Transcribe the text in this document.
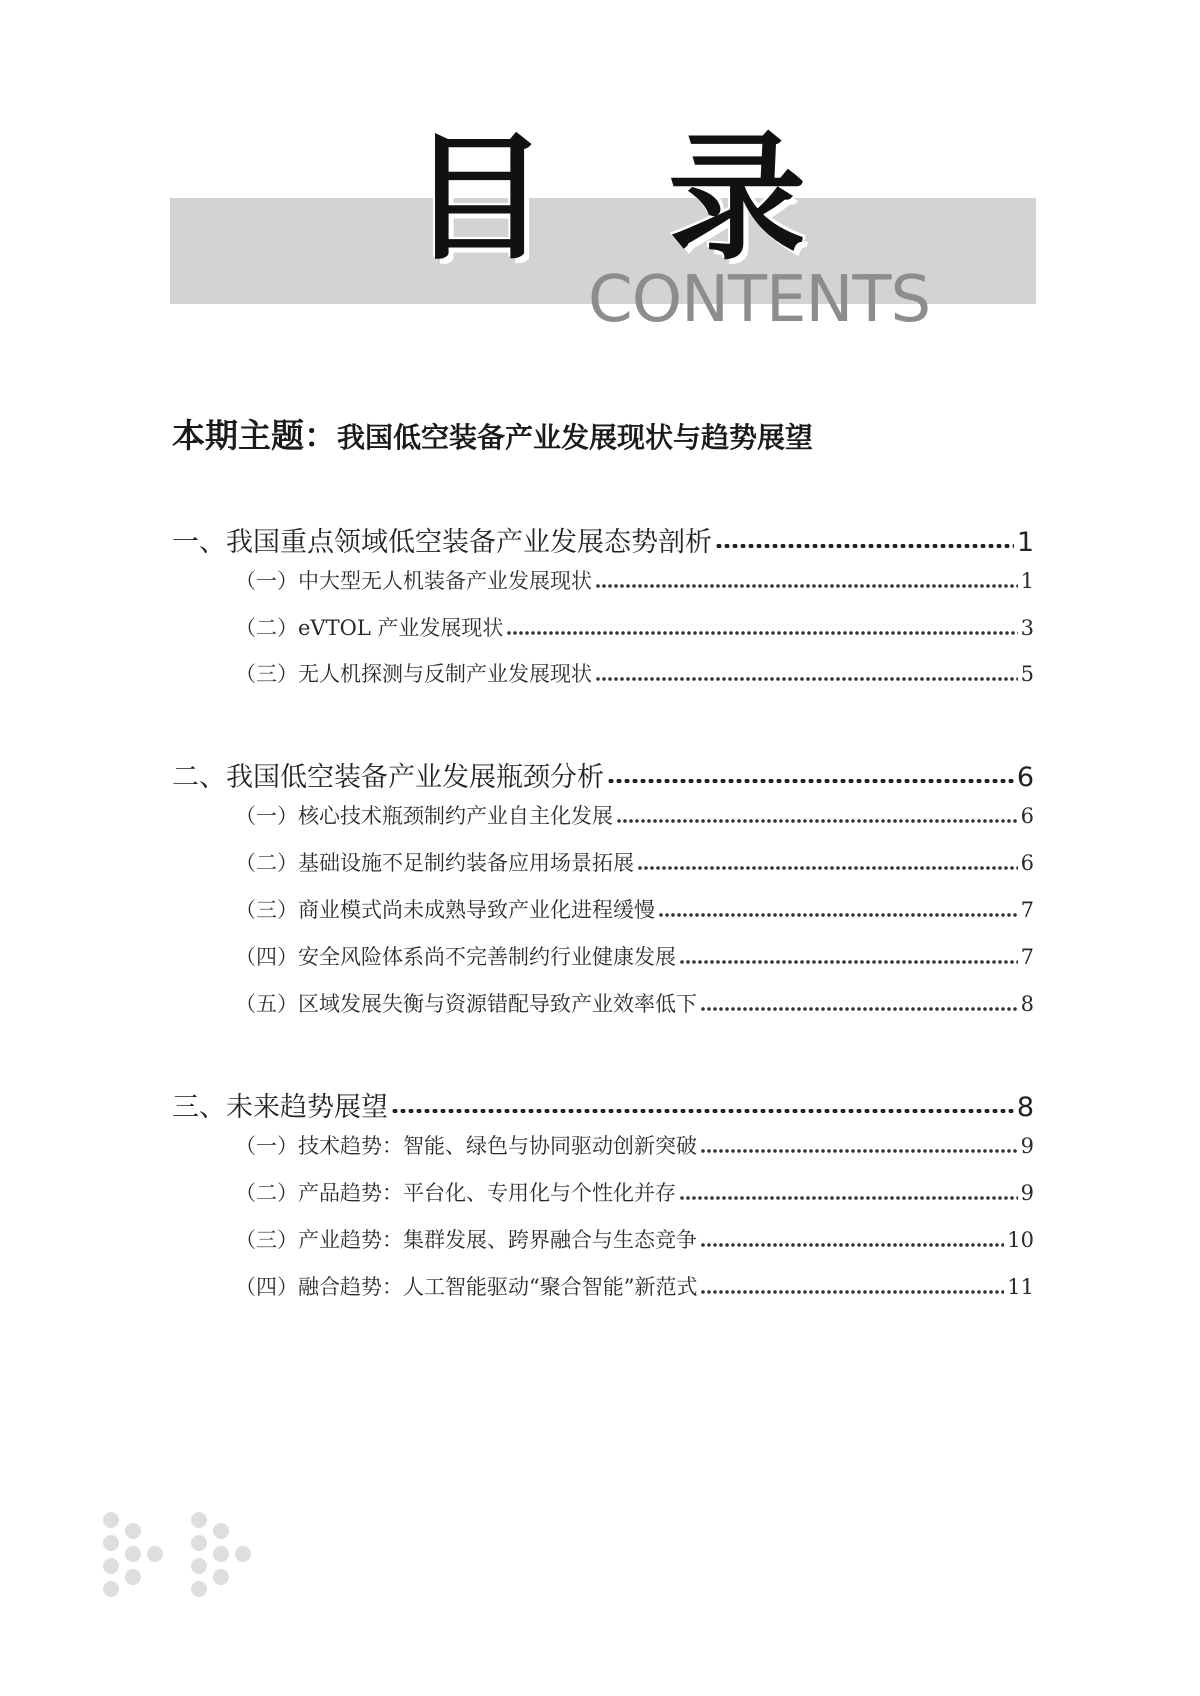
目 录
CONTENTS
本期主题：我国低空装备产业发展现状与趋势展望
一、我国重点领域低空装备产业发展态势剖析	1
（一）中大型无人机装备产业发展现状	1
（二）eVTOL 产业发展现状	3
（三）无人机探测与反制产业发展现状	5
二、我国低空装备产业发展瓶颈分析	6
（一）核心技术瓶颈制约产业自主化发展	6
（二）基础设施不足制约装备应用场景拓展	6
（三）商业模式尚未成熟导致产业化进程缓慢	7
（四）安全风险体系尚不完善制约行业健康发展	7
（五）区域发展失衡与资源错配导致产业效率低下	8
三、未来趋势展望	8
（一）技术趋势：智能、绿色与协同驱动创新突破	9
（二）产品趋势：平台化、专用化与个性化并存	9
（三）产业趋势：集群发展、跨界融合与生态竞争	10
（四）融合趋势：人工智能驱动“聚合智能”新范式	11
